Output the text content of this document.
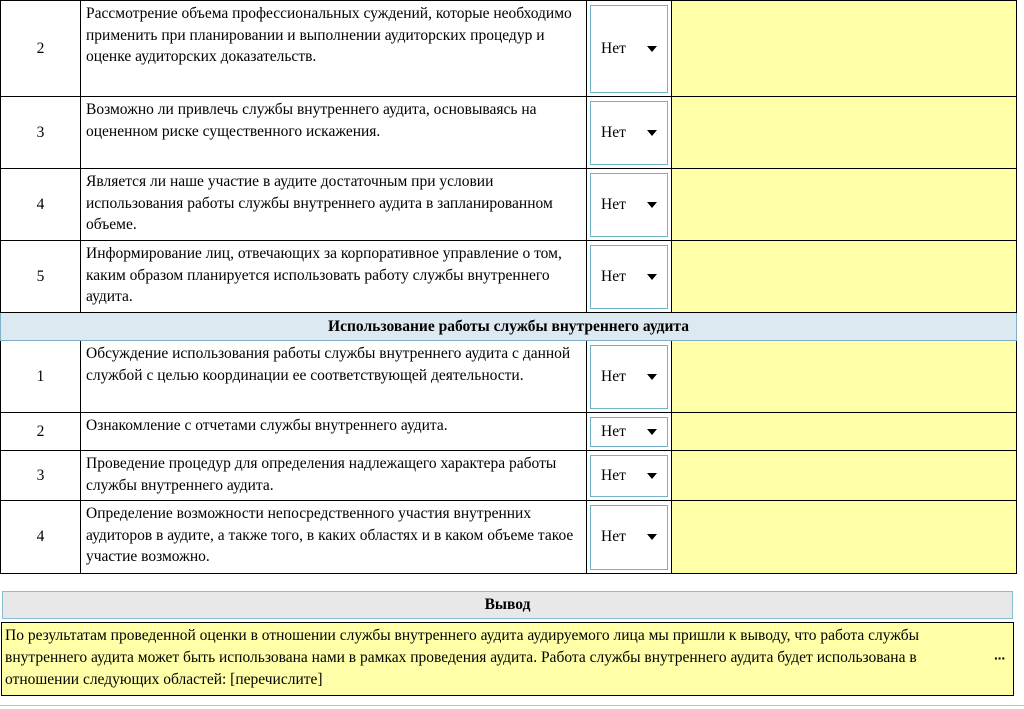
2	Рассмотрение объема профессиональных суждений, которые необходимо применить при планировании и выполнении аудиторских процедур и оценке аудиторских доказательств.	Нет	

3	Возможно ли привлечь службы внутреннего аудита, основываясь на оцененном риске существенного искажения.	Нет	

4	Является ли наше участие в аудите достаточным при условии использования работы службы внутреннего аудита в запланированном объеме.	Нет	

5	Информирование лиц, отвечающих за корпоративное управление о том, каким образом планируется использовать работу службы внутреннего аудита.	Нет	

Использование работы службы внутреннего аудита			
1	Обсуждение использования работы службы внутреннего аудита с данной службой с целью координации ее соответствующей деятельности.	Нет	

2	Ознакомление с отчетами службы внутреннего аудита.	Нет	

3	Проведение процедур для определения надлежащего характера работы службы внутреннего аудита.	Нет	

4	Определение возможности непосредственного участия внутренних аудиторов в аудите, а также того, в каких областях и в каком объеме такое участие возможно.	Нет	

Вывод
По результатам проведенной оценки в отношении службы внутреннего аудита аудируемого лица мы пришли к выводу, что работа службы внутреннего аудита может быть использована нами в рамках проведения аудита. Работа службы внутреннего аудита будет использована в отношении следующих областей: [перечислите]
···
